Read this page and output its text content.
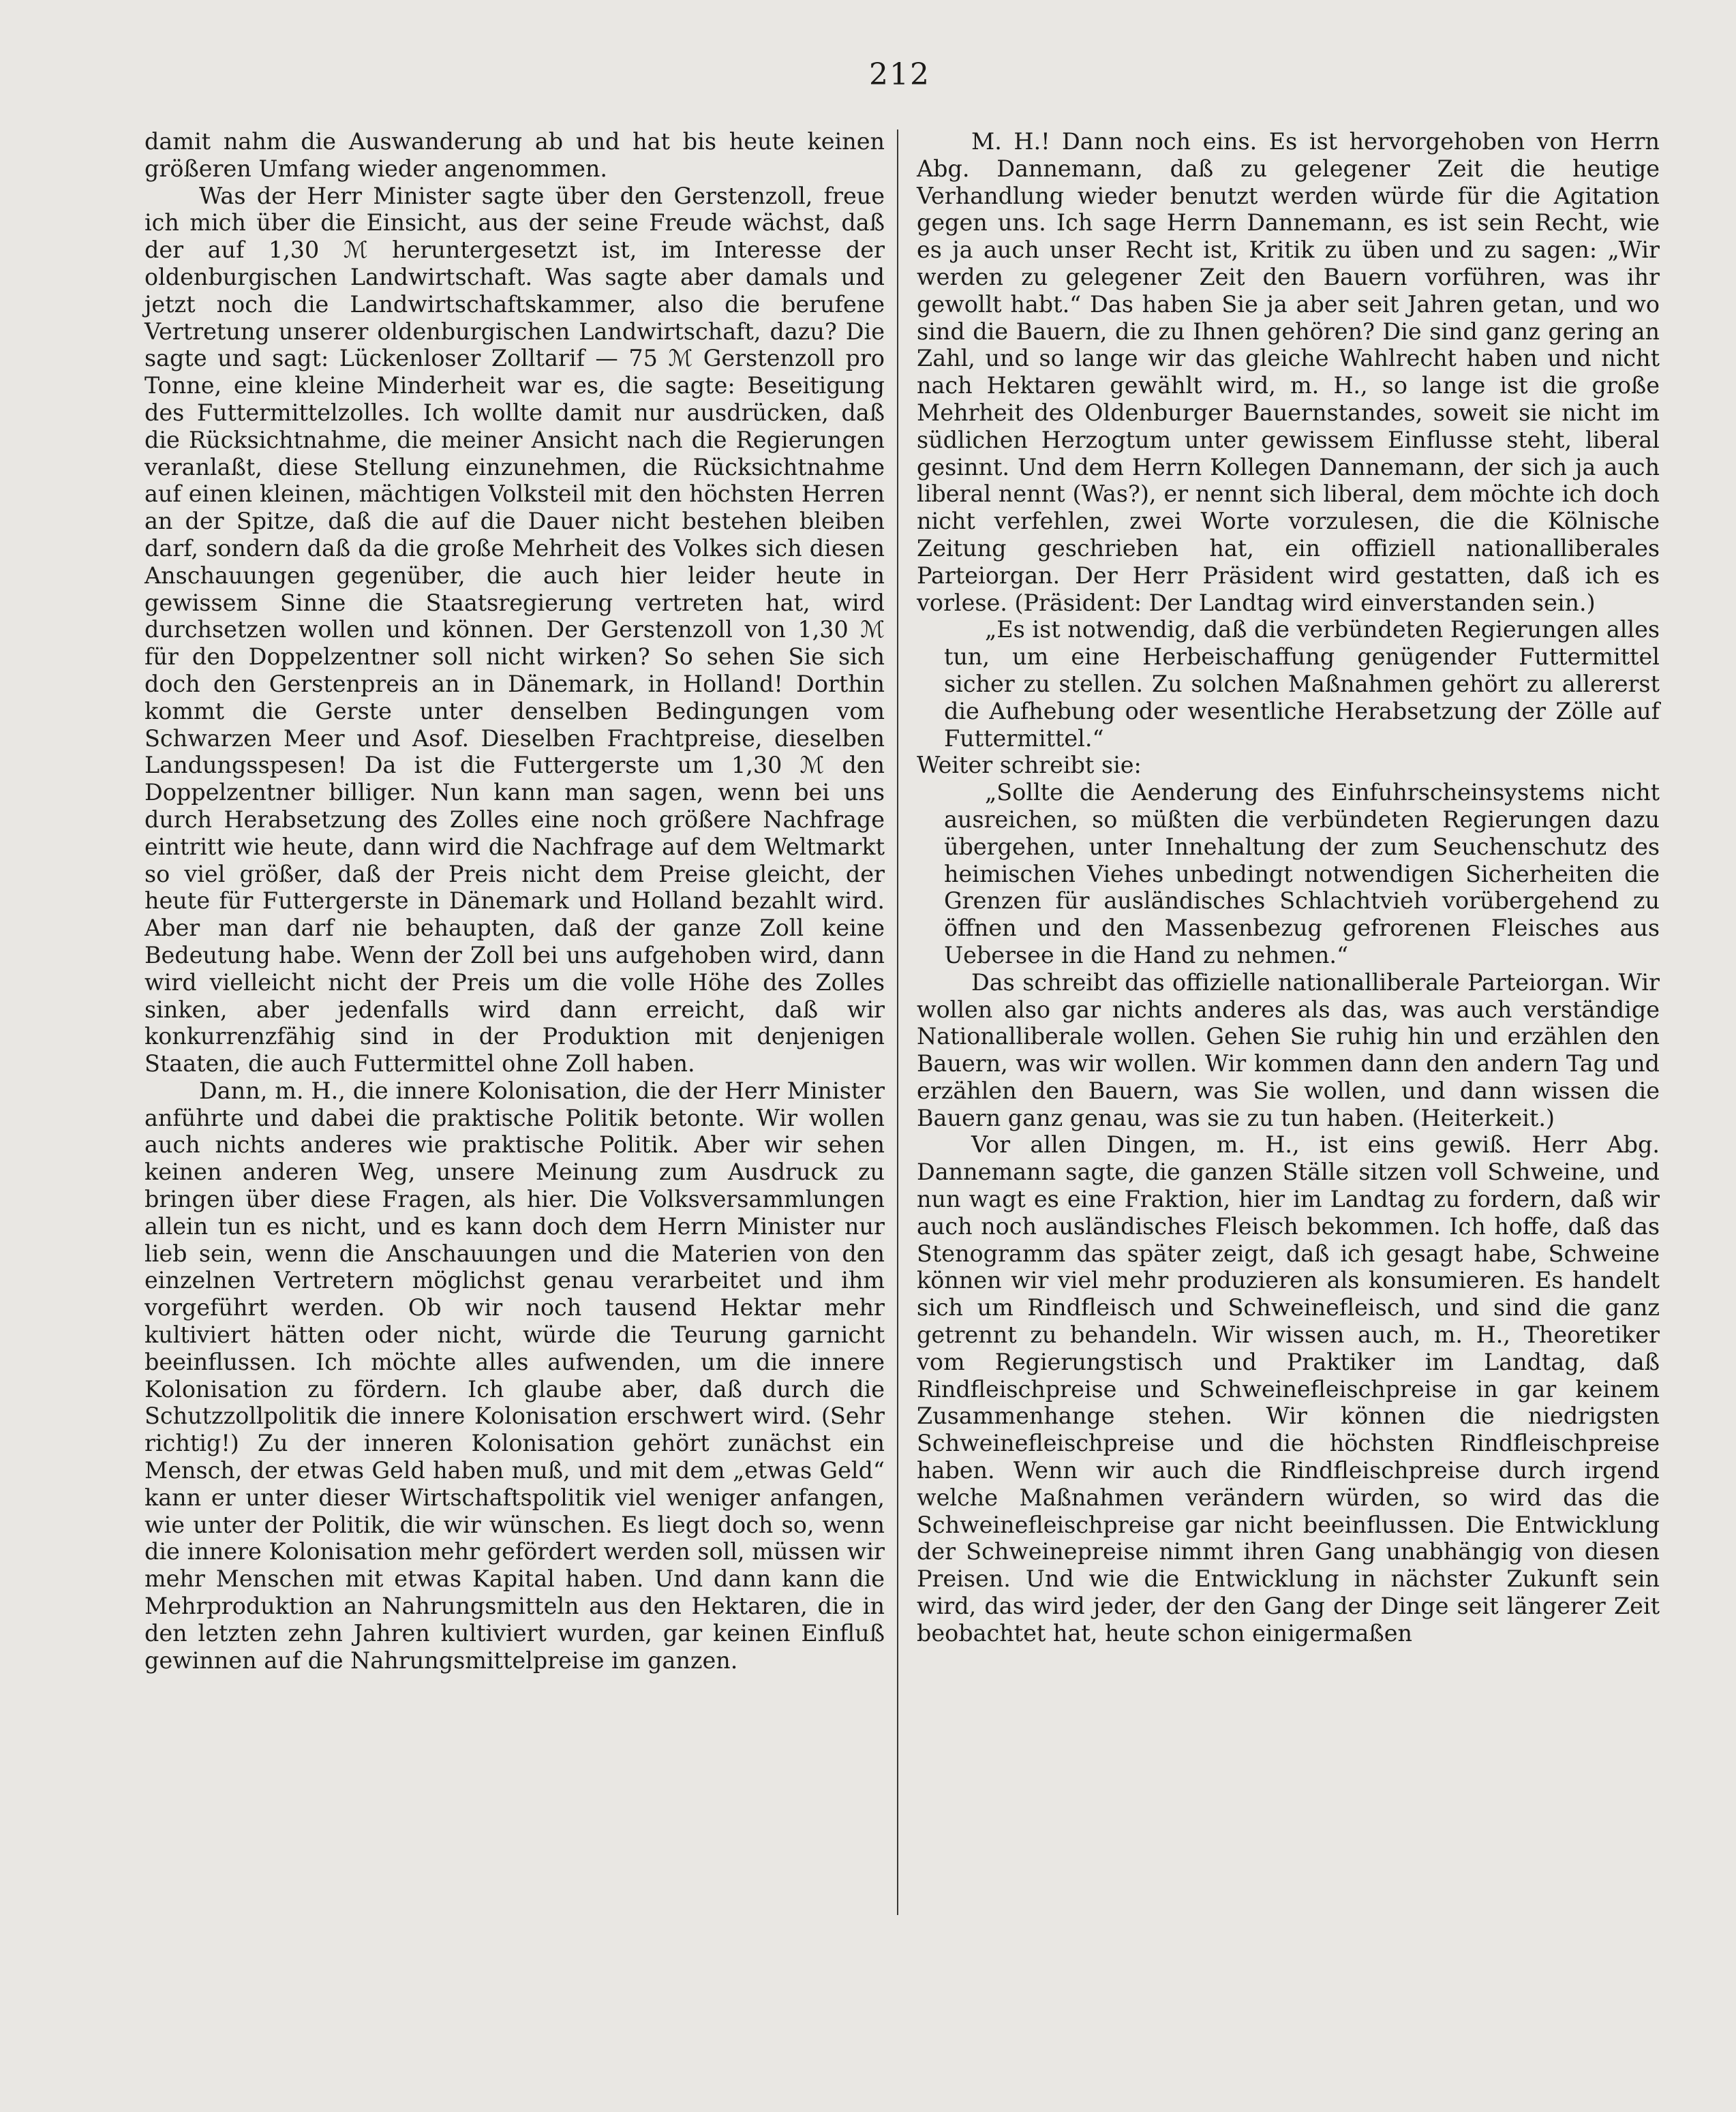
212

damit nahm die Auswanderung ab und hat bis heute keinen größeren Umfang wieder angenommen.

Was der Herr Minister sagte über den Gerstenzoll, freue ich mich über die Einsicht, aus der seine Freude wächst, daß der auf 1,30 ℳ heruntergesetzt ist, im Interesse der oldenburgischen Landwirtschaft. Was sagte aber damals und jetzt noch die Landwirtschaftskammer, also die berufene Vertretung unserer oldenburgischen Landwirtschaft, dazu? Die sagte und sagt: Lückenloser Zolltarif — 75 ℳ Gerstenzoll pro Tonne, eine kleine Minderheit war es, die sagte: Beseitigung des Futtermittelzolles. Ich wollte damit nur ausdrücken, daß die Rücksichtnahme, die meiner Ansicht nach die Regierungen veranlaßt, diese Stellung einzunehmen, die Rücksichtnahme auf einen kleinen, mächtigen Volksteil mit den höchsten Herren an der Spitze, daß die auf die Dauer nicht bestehen bleiben darf, sondern daß da die große Mehrheit des Volkes sich diesen Anschauungen gegenüber, die auch hier leider heute in gewissem Sinne die Staatsregierung vertreten hat, wird durchsetzen wollen und können. Der Gerstenzoll von 1,30 ℳ für den Doppelzentner soll nicht wirken? So sehen Sie sich doch den Gerstenpreis an in Dänemark, in Holland! Dorthin kommt die Gerste unter denselben Bedingungen vom Schwarzen Meer und Asof. Dieselben Frachtpreise, dieselben Landungsspesen! Da ist die Futtergerste um 1,30 ℳ den Doppelzentner billiger. Nun kann man sagen, wenn bei uns durch Herabsetzung des Zolles eine noch größere Nachfrage eintritt wie heute, dann wird die Nachfrage auf dem Weltmarkt so viel größer, daß der Preis nicht dem Preise gleicht, der heute für Futtergerste in Dänemark und Holland bezahlt wird. Aber man darf nie behaupten, daß der ganze Zoll keine Bedeutung habe. Wenn der Zoll bei uns aufgehoben wird, dann wird vielleicht nicht der Preis um die volle Höhe des Zolles sinken, aber jedenfalls wird dann erreicht, daß wir konkurrenzfähig sind in der Produktion mit denjenigen Staaten, die auch Futtermittel ohne Zoll haben.

Dann, m. H., die innere Kolonisation, die der Herr Minister anführte und dabei die praktische Politik betonte. Wir wollen auch nichts anderes wie praktische Politik. Aber wir sehen keinen anderen Weg, unsere Meinung zum Ausdruck zu bringen über diese Fragen, als hier. Die Volksversammlungen allein tun es nicht, und es kann doch dem Herrn Minister nur lieb sein, wenn die Anschauungen und die Materien von den einzelnen Vertretern möglichst genau verarbeitet und ihm vorgeführt werden. Ob wir noch tausend Hektar mehr kultiviert hätten oder nicht, würde die Teurung garnicht beeinflussen. Ich möchte alles aufwenden, um die innere Kolonisation zu fördern. Ich glaube aber, daß durch die Schutzzollpolitik die innere Kolonisation erschwert wird. (Sehr richtig!) Zu der inneren Kolonisation gehört zunächst ein Mensch, der etwas Geld haben muß, und mit dem „etwas Geld“ kann er unter dieser Wirtschaftspolitik viel weniger anfangen, wie unter der Politik, die wir wünschen. Es liegt doch so, wenn die innere Kolonisation mehr gefördert werden soll, müssen wir mehr Menschen mit etwas Kapital haben. Und dann kann die Mehrproduktion an Nahrungsmitteln aus den Hektaren, die in den letzten zehn Jahren kultiviert wurden, gar keinen Einfluß gewinnen auf die Nahrungsmittelpreise im ganzen.

M. H.! Dann noch eins. Es ist hervorgehoben von Herrn Abg. Dannemann, daß zu gelegener Zeit die heutige Verhandlung wieder benutzt werden würde für die Agitation gegen uns. Ich sage Herrn Dannemann, es ist sein Recht, wie es ja auch unser Recht ist, Kritik zu üben und zu sagen: „Wir werden zu gelegener Zeit den Bauern vorführen, was ihr gewollt habt.“ Das haben Sie ja aber seit Jahren getan, und wo sind die Bauern, die zu Ihnen gehören? Die sind ganz gering an Zahl, und so lange wir das gleiche Wahlrecht haben und nicht nach Hektaren gewählt wird, m. H., so lange ist die große Mehrheit des Oldenburger Bauernstandes, soweit sie nicht im südlichen Herzogtum unter gewissem Einflusse steht, liberal gesinnt. Und dem Herrn Kollegen Dannemann, der sich ja auch liberal nennt (Was?), er nennt sich liberal, dem möchte ich doch nicht verfehlen, zwei Worte vorzulesen, die die Kölnische Zeitung geschrieben hat, ein offiziell nationalliberales Parteiorgan. Der Herr Präsident wird gestatten, daß ich es vorlese. (Präsident: Der Landtag wird einverstanden sein.)

„Es ist notwendig, daß die verbündeten Regierungen alles tun, um eine Herbeischaffung genügender Futtermittel sicher zu stellen. Zu solchen Maßnahmen gehört zu allererst die Aufhebung oder wesentliche Herabsetzung der Zölle auf Futtermittel.“

Weiter schreibt sie:

„Sollte die Aenderung des Einfuhrscheinsystems nicht ausreichen, so müßten die verbündeten Regierungen dazu übergehen, unter Innehaltung der zum Seuchenschutz des heimischen Viehes unbedingt notwendigen Sicherheiten die Grenzen für ausländisches Schlachtvieh vorübergehend zu öffnen und den Massenbezug gefrorenen Fleisches aus Uebersee in die Hand zu nehmen.“

Das schreibt das offizielle nationalliberale Parteiorgan. Wir wollen also gar nichts anderes als das, was auch verständige Nationalliberale wollen. Gehen Sie ruhig hin und erzählen den Bauern, was wir wollen. Wir kommen dann den andern Tag und erzählen den Bauern, was Sie wollen, und dann wissen die Bauern ganz genau, was sie zu tun haben. (Heiterkeit.)

Vor allen Dingen, m. H., ist eins gewiß. Herr Abg. Dannemann sagte, die ganzen Ställe sitzen voll Schweine, und nun wagt es eine Fraktion, hier im Landtag zu fordern, daß wir auch noch ausländisches Fleisch bekommen. Ich hoffe, daß das Stenogramm das später zeigt, daß ich gesagt habe, Schweine können wir viel mehr produzieren als konsumieren. Es handelt sich um Rindfleisch und Schweinefleisch, und sind die ganz getrennt zu behandeln. Wir wissen auch, m. H., Theoretiker vom Regierungstisch und Praktiker im Landtag, daß Rindfleischpreise und Schweinefleischpreise in gar keinem Zusammenhange stehen. Wir können die niedrigsten Schweinefleischpreise und die höchsten Rindfleischpreise haben. Wenn wir auch die Rindfleischpreise durch irgend welche Maßnahmen verändern würden, so wird das die Schweinefleischpreise gar nicht beeinflussen. Die Entwicklung der Schweinepreise nimmt ihren Gang unabhängig von diesen Preisen. Und wie die Entwicklung in nächster Zukunft sein wird, das wird jeder, der den Gang der Dinge seit längerer Zeit beobachtet hat, heute schon einigermaßen
